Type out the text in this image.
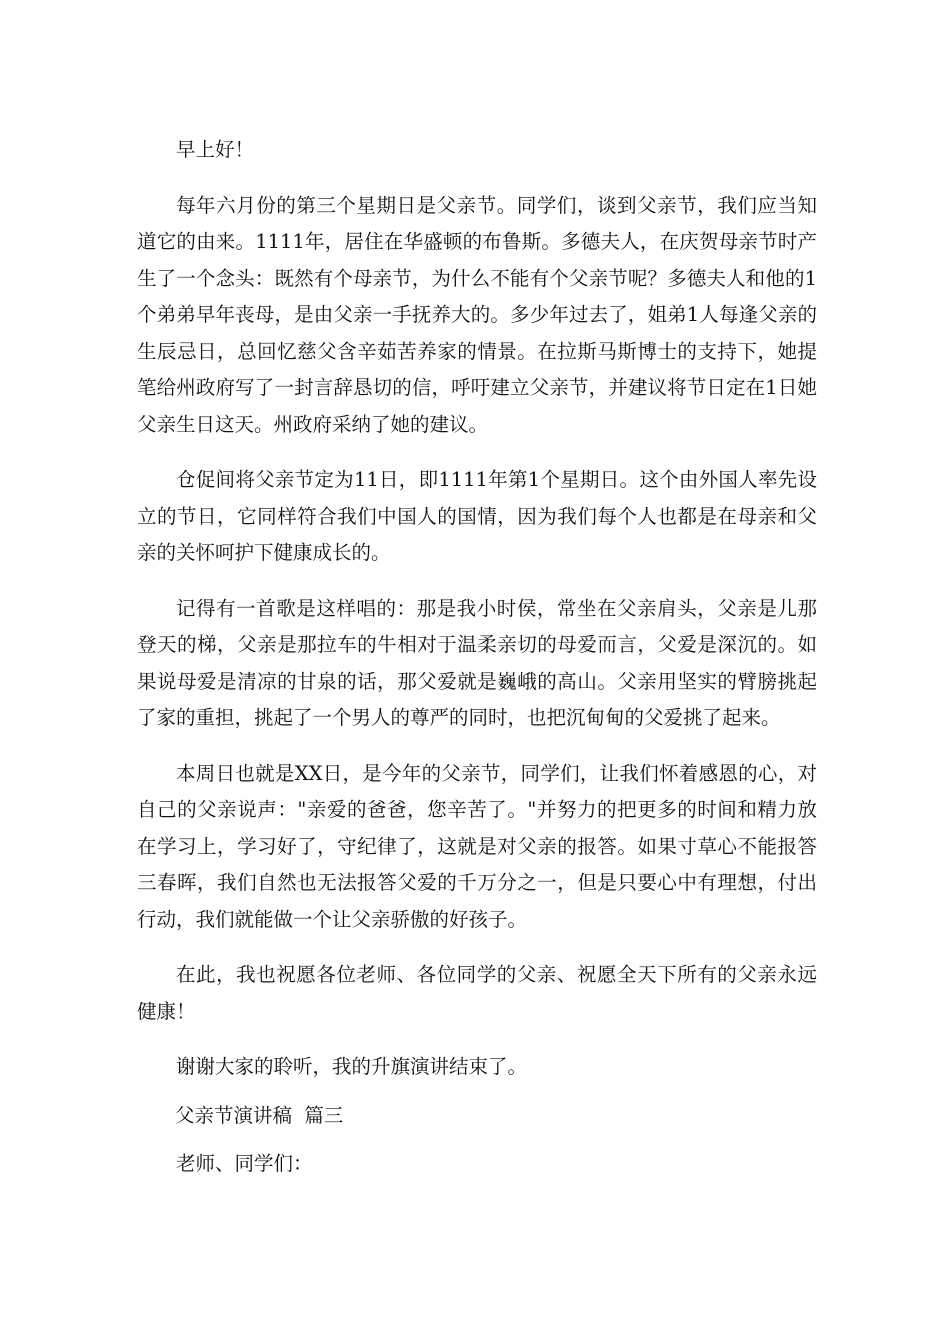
早上好！

每年六月份的第三个星期日是父亲节。同学们，谈到父亲节，我们应当知道它的由来。1111年，居住在华盛顿的布鲁斯。多德夫人，在庆贺母亲节时产生了一个念头：既然有个母亲节，为什么不能有个父亲节呢？多德夫人和他的1个弟弟早年丧母，是由父亲一手抚养大的。多少年过去了，姐弟1人每逢父亲的生辰忌日，总回忆慈父含辛茹苦养家的情景。在拉斯马斯博士的支持下，她提笔给州政府写了一封言辞恳切的信，呼吁建立父亲节，并建议将节日定在1日她父亲生日这天。州政府采纳了她的建议。

仓促间将父亲节定为11日，即1111年第1个星期日。这个由外国人率先设立的节日，它同样符合我们中国人的国情，因为我们每个人也都是在母亲和父亲的关怀呵护下健康成长的。

记得有一首歌是这样唱的：那是我小时侯，常坐在父亲肩头，父亲是儿那登天的梯，父亲是那拉车的牛相对于温柔亲切的母爱而言，父爱是深沉的。如果说母爱是清凉的甘泉的话，那父爱就是巍峨的高山。父亲用坚实的臂膀挑起了家的重担，挑起了一个男人的尊严的同时，也把沉甸甸的父爱挑了起来。

本周日也就是XX日，是今年的父亲节，同学们，让我们怀着感恩的心，对自己的父亲说声："亲爱的爸爸，您辛苦了。"并努力的把更多的时间和精力放在学习上，学习好了，守纪律了，这就是对父亲的报答。如果寸草心不能报答三春晖，我们自然也无法报答父爱的千万分之一，但是只要心中有理想，付出行动，我们就能做一个让父亲骄傲的好孩子。

在此，我也祝愿各位老师、各位同学的父亲、祝愿全天下所有的父亲永远健康！

谢谢大家的聆听，我的升旗演讲结束了。

父亲节演讲稿  篇三

老师、同学们：
